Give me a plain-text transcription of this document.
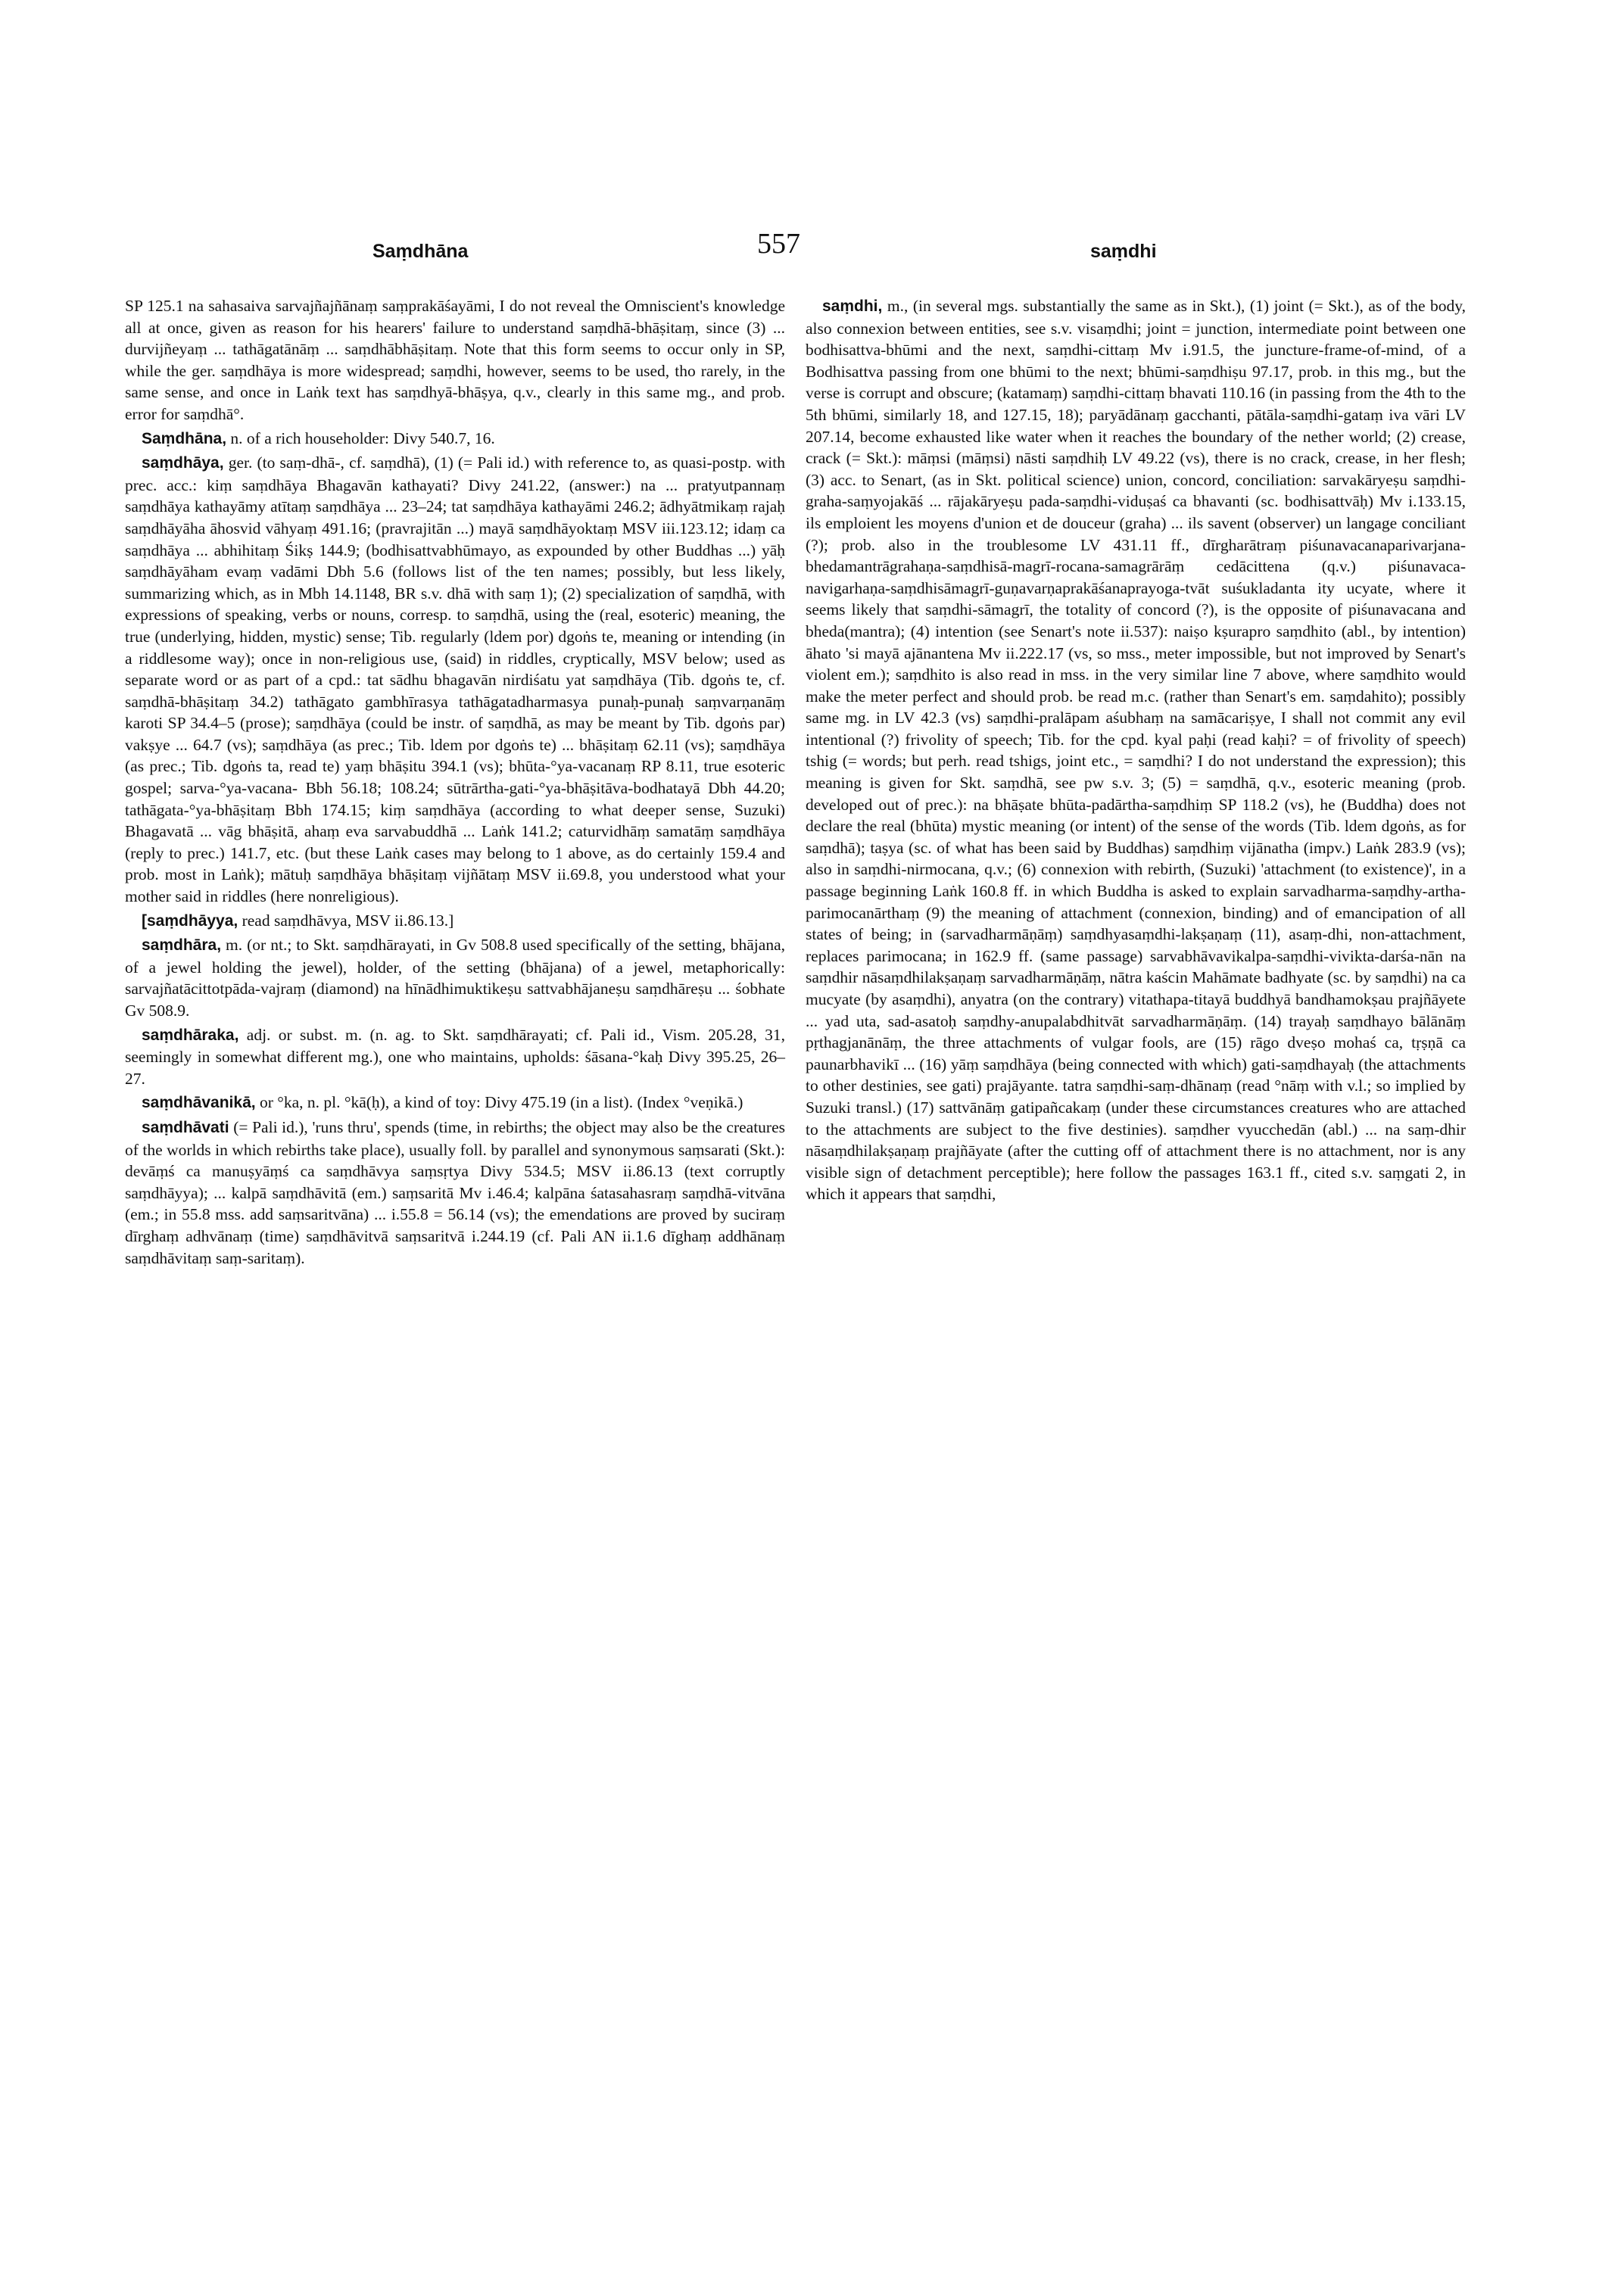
Saṃdhāna	557	saṃdhi

SP 125.1 na sahasaiva sarvajñajñānaṃ saṃprakāśayāmi, I do not reveal the Omniscient's knowledge all at once, given as reason for his hearers' failure to understand saṃdhā-bhāṣitaṃ, since (3) ... durvijñeyaṃ ... tathāgatānāṃ ... saṃdhābhāṣitaṃ. Note that this form seems to occur only in SP, while the ger. saṃdhāya is more widespread; saṃdhi, however, seems to be used, tho rarely, in the same sense, and once in Laṅk text has saṃdhyā-bhāṣya, q.v., clearly in this same mg., and prob. error for saṃdhā°.

Saṃdhāna, n. of a rich householder: Divy 540.7, 16.

saṃdhāya, ger. (to saṃ-dhā-, cf. saṃdhā), (1) (= Pali id.) with reference to, as quasi-postp. with prec. acc.: kiṃ saṃdhāya Bhagavān kathayati? Divy 241.22, (answer:) na ... pratyutpannaṃ saṃdhāya kathayāmy atītaṃ saṃdhāya ... 23–24; tat saṃdhāya kathayāmi 246.2; ādhyātmikaṃ rajaḥ saṃdhāyāha āhosvid vāhyaṃ 491.16; (pravrajitān ...) mayā saṃdhāyoktaṃ MSV iii.123.12; idaṃ ca saṃdhāya ... abhihitaṃ Śikṣ 144.9; (bodhisattvabhūmayo, as expounded by other Buddhas ...) yāḥ saṃdhāyāham evaṃ vadāmi Dbh 5.6 (follows list of the ten names; possibly, but less likely, summarizing which, as in Mbh 14.1148, BR s.v. dhā with saṃ 1); (2) specialization of saṃdhā, with expressions of speaking, verbs or nouns, corresp. to saṃdhā, using the (real, esoteric) meaning, the true (underlying, hidden, mystic) sense; Tib. regularly (ldem por) dgoṅs te, meaning or intending (in a riddlesome way); once in non-religious use, (said) in riddles, cryptically, MSV below; used as separate word or as part of a cpd.: tat sādhu bhagavān nirdiśatu yat saṃdhāya (Tib. dgoṅs te, cf. saṃdhā-bhāṣitaṃ 34.2) tathāgato gambhīrasya tathāgatadharmasya punaḥ-punaḥ saṃvarṇanāṃ karoti SP 34.4–5 (prose); saṃdhāya (could be instr. of saṃdhā, as may be meant by Tib. dgoṅs par) vakṣye ... 64.7 (vs); saṃdhāya (as prec.; Tib. ldem por dgoṅs te) ... bhāṣitaṃ 62.11 (vs); saṃdhāya (as prec.; Tib. dgoṅs ta, read te) yaṃ bhāṣitu 394.1 (vs); bhūta-°ya-vacanaṃ RP 8.11, true esoteric gospel; sarva-°ya-vacana- Bbh 56.18; 108.24; sūtrārtha-gati-°ya-bhāṣitāva-bodhatayā Dbh 44.20; tathāgata-°ya-bhāṣitaṃ Bbh 174.15; kiṃ saṃdhāya (according to what deeper sense, Suzuki) Bhagavatā ... vāg bhāṣitā, ahaṃ eva sarvabuddhā ... Laṅk 141.2; caturvidhāṃ samatāṃ saṃdhāya (reply to prec.) 141.7, etc. (but these Laṅk cases may belong to 1 above, as do certainly 159.4 and prob. most in Laṅk); mātuḥ saṃdhāya bhāṣitaṃ vijñātaṃ MSV ii.69.8, you understood what your mother said in riddles (here nonreligious).

[saṃdhāyya, read saṃdhāvya, MSV ii.86.13.]

saṃdhāra, m. (or nt.; to Skt. saṃdhārayati, in Gv 508.8 used specifically of the setting, bhājana, of a jewel holding the jewel), holder, of the setting (bhājana) of a jewel, metaphorically: sarvajñatācittotpāda-vajraṃ (diamond) na hīnādhimuktikeṣu sattvabhājaneṣu saṃdhāreṣu ... śobhate Gv 508.9.

saṃdhāraka, adj. or subst. m. (n. ag. to Skt. saṃdhārayati; cf. Pali id., Vism. 205.28, 31, seemingly in somewhat different mg.), one who maintains, upholds: śāsana-°kaḥ Divy 395.25, 26–27.

saṃdhāvanikā, or °ka, n. pl. °kā(ḥ), a kind of toy: Divy 475.19 (in a list). (Index °veṇikā.)

saṃdhāvati (= Pali id.), 'runs thru', spends (time, in rebirths; the object may also be the creatures of the worlds in which rebirths take place), usually foll. by parallel and synonymous saṃsarati (Skt.): devāṃś ca manuṣyāṃś ca saṃdhāvya saṃsṛtya Divy 534.5; MSV ii.86.13 (text corruptly saṃdhāyya); ... kalpā saṃdhāvitā (em.) saṃsaritā Mv i.46.4; kalpāna śatasahasraṃ saṃdhā-vitvāna (em.; in 55.8 mss. add saṃsaritvāna) ... i.55.8 = 56.14 (vs); the emendations are proved by suciraṃ dīrghaṃ adhvānaṃ (time) saṃdhāvitvā saṃsaritvā i.244.19 (cf. Pali AN ii.1.6 dīghaṃ addhānaṃ saṃdhāvitaṃ saṃ-saritaṃ).

saṃdhi, m., (in several mgs. substantially the same as in Skt.), (1) joint (= Skt.), as of the body, also connexion between entities, see s.v. visaṃdhi; joint = junction, intermediate point between one bodhisattva-bhūmi and the next, saṃdhi-cittaṃ Mv i.91.5, the juncture-frame-of-mind, of a Bodhisattva passing from one bhūmi to the next; bhūmi-saṃdhiṣu 97.17, prob. in this mg., but the verse is corrupt and obscure; (katamaṃ) saṃdhi-cittaṃ bhavati 110.16 (in passing from the 4th to the 5th bhūmi, similarly 18, and 127.15, 18); paryādānaṃ gacchanti, pātāla-saṃdhi-gataṃ iva vāri LV 207.14, become exhausted like water when it reaches the boundary of the nether world; (2) crease, crack (= Skt.): māṃsi (māṃsi) nāsti saṃdhiḥ LV 49.22 (vs), there is no crack, crease, in her flesh; (3) acc. to Senart, (as in Skt. political science) union, concord, conciliation: sarvakāryeṣu saṃdhi-graha-saṃyojakāś ... rājakāryeṣu pada-saṃdhi-viduṣaś ca bhavanti (sc. bodhisattvāḥ) Mv i.133.15, ils emploient les moyens d'union et de douceur (graha) ... ils savent (observer) un langage conciliant (?); prob. also in the troublesome LV 431.11 ff., dīrgharātraṃ piśunavacanaparivarjana-bhedamantrāgrahaṇa-saṃdhisā-magrī-rocana-samagrārāṃ cedācittena (q.v.) piśunavaca-navigarhaṇa-saṃdhisāmagrī-guṇavarṇaprakāśanaprayoga-tvāt suśukladanta ity ucyate, where it seems likely that saṃdhi-sāmagrī, the totality of concord (?), is the opposite of piśunavacana and bheda(mantra); (4) intention (see Senart's note ii.537): naiṣo kṣurapro saṃdhito (abl., by intention) āhato 'si mayā ajānantena Mv ii.222.17 (vs, so mss., meter impossible, but not improved by Senart's violent em.); saṃdhito is also read in mss. in the very similar line 7 above, where saṃdhito would make the meter perfect and should prob. be read m.c. (rather than Senart's em. saṃdahito); possibly same mg. in LV 42.3 (vs) saṃdhi-pralāpam aśubhaṃ na samācariṣye, I shall not commit any evil intentional (?) frivolity of speech; Tib. for the cpd. kyal paḥi (read kaḥi? = of frivolity of speech) tshig (= words; but perh. read tshigs, joint etc., = saṃdhi? I do not understand the expression); this meaning is given for Skt. saṃdhā, see pw s.v. 3; (5) = saṃdhā, q.v., esoteric meaning (prob. developed out of prec.): na bhāṣate bhūta-padārtha-saṃdhiṃ SP 118.2 (vs), he (Buddha) does not declare the real (bhūta) mystic meaning (or intent) of the sense of the words (Tib. ldem dgoṅs, as for saṃdhā); taṣya (sc. of what has been said by Buddhas) saṃdhiṃ vijānatha (impv.) Laṅk 283.9 (vs); also in saṃdhi-nirmocana, q.v.; (6) connexion with rebirth, (Suzuki) 'attachment (to existence)', in a passage beginning Laṅk 160.8 ff. in which Buddha is asked to explain sarvadharma-saṃdhy-artha-parimocanārthaṃ (9) the meaning of attachment (connexion, binding) and of emancipation of all states of being; in (sarvadharmāṇāṃ) saṃdhyasaṃdhi-lakṣaṇaṃ (11), asaṃ-dhi, non-attachment, replaces parimocana; in 162.9 ff. (same passage) sarvabhāvavikalpa-saṃdhi-vivikta-darśa-nān na saṃdhir nāsaṃdhilakṣaṇaṃ sarvadharmāṇāṃ, nātra kaścin Mahāmate badhyate (sc. by saṃdhi) na ca mucyate (by asaṃdhi), anyatra (on the contrary) vitathapa-titayā buddhyā bandhamokṣau prajñāyete ... yad uta, sad-asatoḥ saṃdhy-anupalabdhitvāt sarvadharmāṇāṃ. (14) trayaḥ saṃdhayo bālānāṃ pṛthagjanānāṃ, the three attachments of vulgar fools, are (15) rāgo dveṣo mohaś ca, tṛṣṇā ca paunarbhavikī ... (16) yāṃ saṃdhāya (being connected with which) gati-saṃdhayaḥ (the attachments to other destinies, see gati) prajāyante. tatra saṃdhi-saṃ-dhānaṃ (read °nāṃ with v.l.; so implied by Suzuki transl.) (17) sattvānāṃ gatipañcakaṃ (under these circumstances creatures who are attached to the attachments are subject to the five destinies). saṃdher vyucchedān (abl.) ... na saṃ-dhir nāsaṃdhilakṣaṇaṃ prajñāyate (after the cutting off of attachment there is no attachment, nor is any visible sign of detachment perceptible); here follow the passages 163.1 ff., cited s.v. saṃgati 2, in which it appears that saṃdhi,
